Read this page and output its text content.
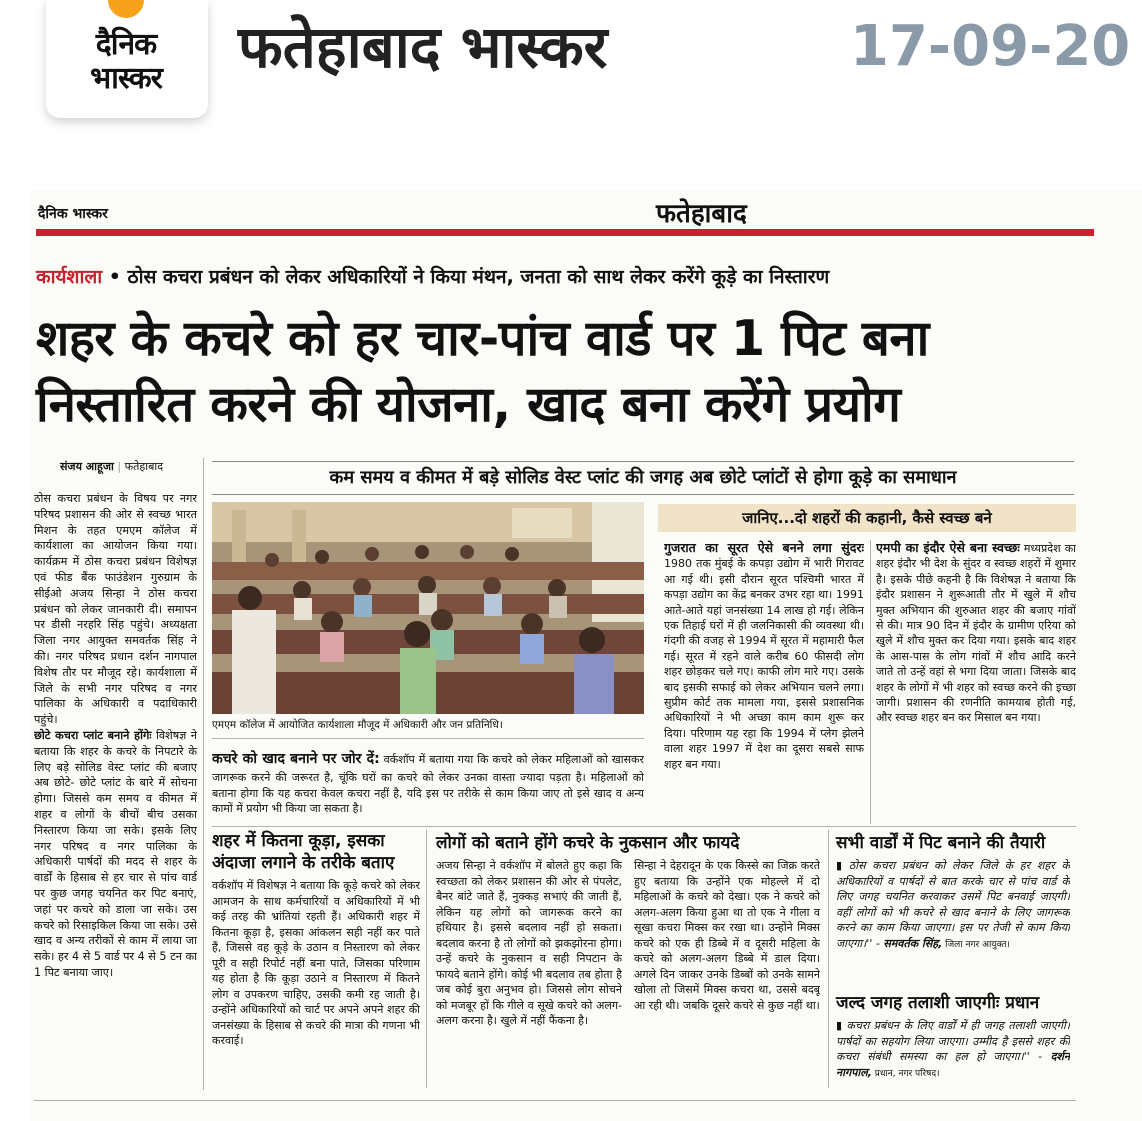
दैनिक
भास्कर	फतेहाबाद भास्कर	17-09-20
दैनिक भास्कर	फतेहाबाद
कार्यशाला • ठोस कचरा प्रबंधन को लेकर अधिकारियों ने किया मंथन, जनता को साथ लेकर करेंगे कूड़े का निस्तारण
शहर के कचरे को हर चार-पांच वार्ड पर 1 पिट बना
निस्तारित करने की योजना, खाद बना करेंगे प्रयोग
संजय आहूजा | फतेहाबाद
ठोस कचरा प्रबंधन के विषय पर नगर परिषद प्रशासन की ओर से स्वच्छ भारत मिशन के तहत एमएम कॉलेज में कार्यशाला का आयोजन किया गया। कार्यक्रम में ठोस कचरा प्रबंधन विशेषज्ञ एवं फीड बैंक फाउंडेशन गुरुग्राम के सीईओ अजय सिन्हा ने ठोस कचरा प्रबंधन को लेकर जानकारी दी। समापन पर डीसी नरहरि सिंह पहुंचे। अध्यक्षता जिला नगर आयुक्त समवर्तक सिंह ने की। नगर परिषद प्रधान दर्शन नागपाल विशेष तौर पर मौजूद रहे। कार्यशाला में जिले के सभी नगर परिषद व नगर पालिका के अधिकारी व पदाधिकारी पहुंचे।
छोटे कचरा प्लांट बनाने होंगेः विशेषज्ञ ने बताया कि शहर के कचरे के निपटारे के लिए बड़े सोलिड वेस्ट प्लांट की बजाए अब छोटे- छोटे प्लांट के बारे में सोचना होगा। जिससे कम समय व कीमत में शहर व लोगों के बीचों बीच उसका निस्तारण किया जा सके। इसके लिए नगर परिषद व नगर पालिका के अधिकारी पार्षदों की मदद से शहर के वार्डों के हिसाब से हर चार से पांच वार्ड पर कुछ जगह चयनित कर पिट बनाएं, जहां पर कचरे को डाला जा सके। उस कचरे को रिसाइकिल किया जा सके। उसे खाद व अन्य तरीकों से काम में लाया जा सके। हर 4 से 5 वार्ड पर 4 से 5 टन का 1 पिट बनाया जाए।
कम समय व कीमत में बड़े सोलिड वेस्ट प्लांट की जगह अब छोटे प्लांटों से होगा कूड़े का समाधान
एमएम कॉलेज में आयोजित कार्यशाला मौजूद में अधिकारी और जन प्रतिनिधि।
कचरे को खाद बनाने पर जोर दें: वर्कशॉप में बताया गया कि कचरे को लेकर महिलाओं को खासकर जागरूक करने की जरूरत है, चूंकि घरों का कचरे को लेकर उनका वास्ता ज्यादा पड़ता है। महिलाओं को बताना होगा कि यह कचरा केवल कचरा नहीं है, यदि इस पर तरीके से काम किया जाए तो इसे खाद व अन्य कामों में प्रयोग भी किया जा सकता है।
जानिए...दो शहरों की कहानी, कैसे स्वच्छ बने
गुजरात का सूरत ऐसे बनने लगा सुंदरः 1980 तक मुंबई के कपड़ा उद्योग में भारी गिरावट आ गई थी। इसी दौरान सूरत पश्चिमी भारत में कपड़ा उद्योग का केंद्र बनकर उभर रहा था। 1991 आते-आते यहां जनसंख्या 14 लाख हो गई। लेकिन एक तिहाई घरों में ही जलनिकासी की व्यवस्था थी। गंदगी की वजह से 1994 में सूरत में महामारी फैल गई। सूरत में रहने वाले करीब 60 फीसदी लोग शहर छोड़कर चले गए। काफी लोग मारे गए। उसके बाद इसकी सफाई को लेकर अभियान चलने लगा। सुप्रीम कोर्ट तक मामला गया, इससे प्रशासनिक अधिकारियों ने भी अच्छा काम काम शुरू कर दिया। परिणाम यह रहा कि 1994 में प्लेग झेलने वाला शहर 1997 में देश का दूसरा सबसे साफ शहर बन गया।
एमपी का इंदौर ऐसे बना स्वच्छः मध्यप्रदेश का शहर इंदौर भी देश के सुंदर व स्वच्छ शहरों में शुमार है। इसके पीछे कहनी है कि विशेषज्ञ ने बताया कि इंदौर प्रशासन ने शुरूआती तौर में खुले में शौच मुक्त अभियान की शुरुआत शहर की बजाए गांवों से की। मात्र 90 दिन में इंदौर के ग्रामीण एरिया को खुले में शौच मुक्त कर दिया गया। इसके बाद शहर के आस-पास के लोग गांवों में शौच आदि करने जाते तो उन्हें वहां से भगा दिया जाता। जिसके बाद शहर के लोगों में भी शहर को स्वच्छ करने की इच्छा जागी। प्रशासन की रणनीति कामयाब होती गई, और स्वच्छ शहर बन कर मिसाल बन गया।
शहर में कितना कूड़ा, इसका अंदाजा लगाने के तरीके बताए
वर्कशॉप में विशेषज्ञ ने बताया कि कूड़े कचरे को लेकर आमजन के साथ कर्मचारियों व अधिकारियों में भी कई तरह की भ्रांतियां रहती हैं। अधिकारी शहर में कितना कूड़ा है, इसका आंकलन सही नहीं कर पाते हैं, जिससे वह कूड़े के उठान व निस्तारण को लेकर पूरी व सही रिपोर्ट नहीं बना पाते, जिसका परिणाम यह होता है कि कूड़ा उठाने व निस्तारण में कितने लोग व उपकरण चाहिए, उसकी कमी रह जाती है। उन्होंने अधिकारियों को चार्ट पर अपने अपने शहर की जनसंख्या के हिसाब से कचरे की मात्रा की गणना भी करवाई।
लोगों को बताने होंगे कचरे के नुकसान और फायदे
अजय सिन्हा ने वर्कशॉप में बोलते हुए कहा कि स्वच्छता को लेकर प्रशासन की ओर से पंपलेट, बैनर बांटे जाते हैं, नुक्कड़ सभाएं की जाती हैं, लेकिन यह लोगों को जागरूक करने का हथियार है। इससे बदलाव नहीं हो सकता। बदलाव करना है तो लोगों को झकझोरना होगा। उन्हें कचरे के नुकसान व सही निपटान के फायदे बताने होंगे। कोई भी बदलाव तब होता है जब कोई बुरा अनुभव हो। जिससे लोग सोचने को मजबूर हों कि गीले व सूखे कचरे को अलग-अलग करना है। खुले में नहीं फैंकना है।
सिन्हा ने देहरादून के एक किस्से का जिक्र करते हुए बताया कि उन्होंने एक मोहल्ले में दो महिलाओं के कचरे को देखा। एक ने कचरे को अलग-अलग किया हुआ था तो एक ने गीला व सूखा कचरा मिक्स कर रखा था। उन्होंने मिक्स कचरे को एक ही डिब्बे में व दूसरी महिला के कचरे को अलग-अलग डिब्बे में डाल दिया। अगले दिन जाकर उनके डिब्बों को उनके सामने खोला तो जिसमें मिक्स कचरा था, उससे बदबू आ रही थी। जबकि दूसरे कचरे से कुछ नहीं था।
सभी वार्डों में पिट बनाने की तैयारी
▮ ठोस कचरा प्रबंधन को लेकर जिले के हर शहर के अधिकारियों व पार्षदों से बात करके चार से पांच वार्ड के लिए जगह चयनित करवाकर उसमें पिट बनवाई जाएगी। वहीं लोगों को भी कचरे से खाद बनाने के लिए जागरूक करने का काम किया जाएगा। इस पर तेजी से काम किया जाएगा।'' - समवर्तक सिंह, जिला नगर आयुक्त।
जल्द जगह तलाशी जाएगीः प्रधान
▮ कचरा प्रबंधन के लिए वार्डों में ही जगह तलाशी जाएगी। पार्षदों का सहयोग लिया जाएगा। उम्मीद है इससे शहर की कचरा संबंधी समस्या का हल हो जाएगा।'' - दर्शन नागपाल, प्रधान, नगर परिषद।
